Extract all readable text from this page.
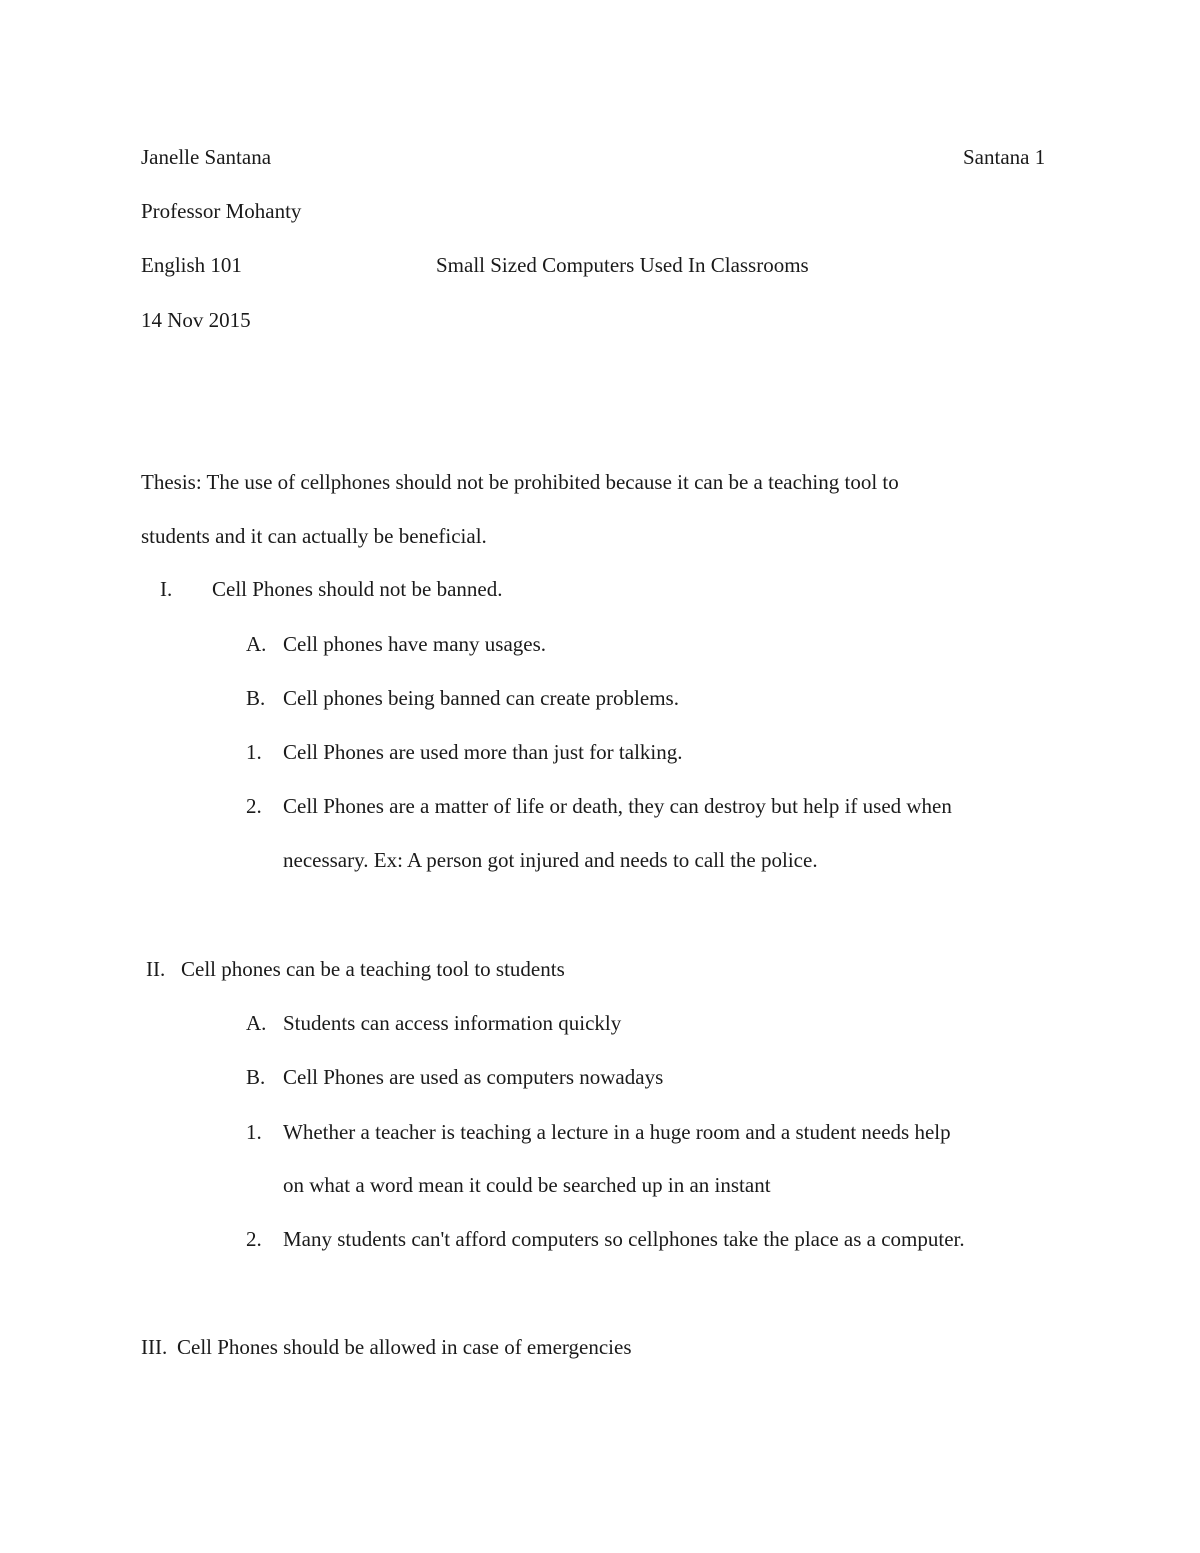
Janelle Santana	Santana 1
Professor Mohanty
English 101	Small Sized Computers Used In Classrooms
14 Nov 2015
Thesis: The use of cellphones should not be prohibited because it can be a teaching tool to
students and it can actually be beneficial.
I. Cell Phones should not be banned.
A. Cell phones have many usages.
B. Cell phones being banned can create problems.
1. Cell Phones are used more than just for talking.
2. Cell Phones are a matter of life or death, they can destroy but help if used when
necessary. Ex: A person got injured and needs to call the police.
II. Cell phones can be a teaching tool to students
A. Students can access information quickly
B. Cell Phones are used as computers nowadays
1. Whether a teacher is teaching a lecture in a huge room and a student needs help
on what a word mean it could be searched up in an instant
2. Many students can't afford computers so cellphones take the place as a computer.
III. Cell Phones should be allowed in case of emergencies
